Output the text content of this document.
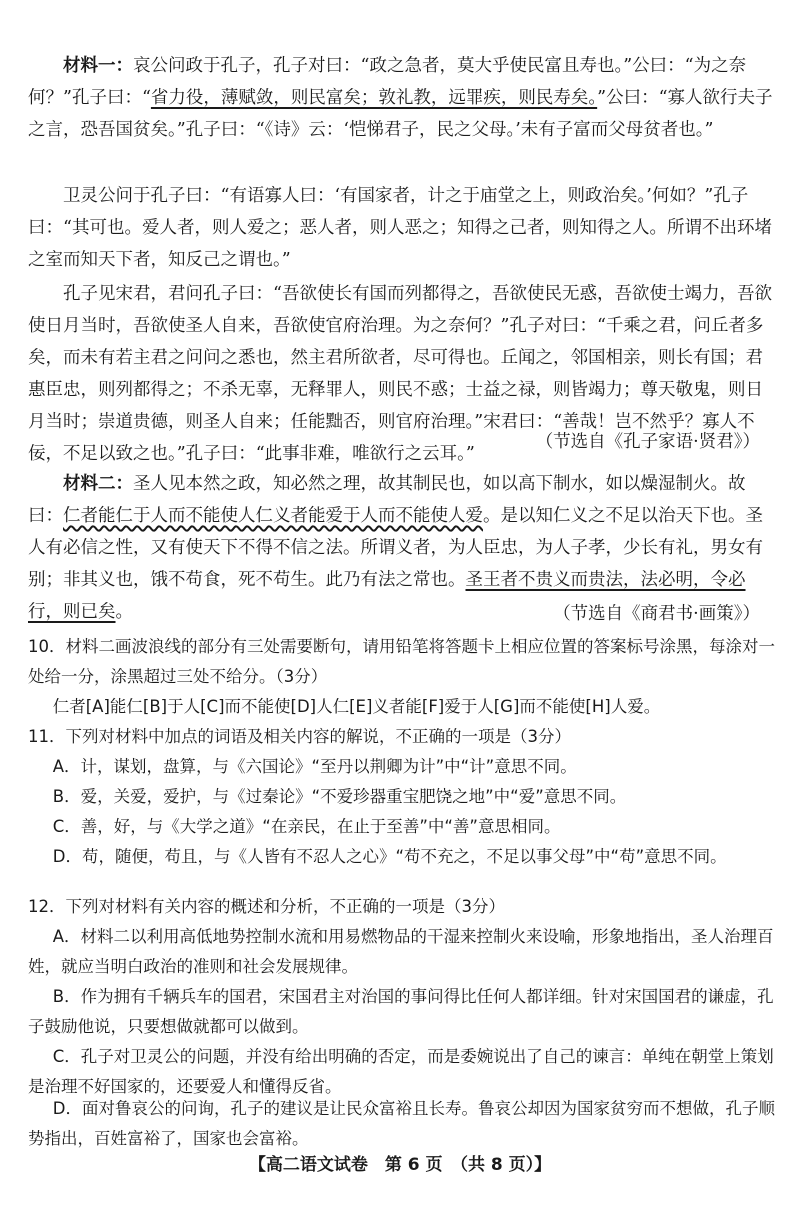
材料一：哀公问政于孔子，孔子对曰：“政之急者，莫大乎使民富且寿也。”公曰：“为之奈何？”孔子曰：“省力役，薄赋敛，则民富矣；敦礼教，远罪疾，则民寿矣。”公曰：“寡人欲行夫子之言，恐吾国贫矣。”孔子曰：“《诗》云：‘恺悌君子，民之父母。’未有子富而父母贫者也。”

卫灵公问于孔子曰：“有语寡人曰：‘有国家者，计之于庙堂之上，则政治矣。’何如？”孔子曰：“其可也。爱人者，则人爱之；恶人者，则人恶之；知得之己者，则知得之人。所谓不出环堵之室而知天下者，知反己之谓也。”

孔子见宋君，君问孔子曰：“吾欲使长有国而列都得之，吾欲使民无惑，吾欲使士竭力，吾欲使日月当时，吾欲使圣人自来，吾欲使官府治理。为之奈何？”孔子对曰：“千乘之君，问丘者多矣，而未有若主君之问问之悉也，然主君所欲者，尽可得也。丘闻之，邻国相亲，则长有国；君惠臣忠，则列都得之；不杀无辜，无释罪人，则民不惑；士益之禄，则皆竭力；尊天敬鬼，则日月当时；崇道贵德，则圣人自来；任能黜否，则官府治理。”宋君曰：“善哉！岂不然乎？寡人不佞，不足以致之也。”孔子曰：“此事非难，唯欲行之云耳。”

（节选自《孔子家语·贤君》）

材料二：圣人见本然之政，知必然之理，故其制民也，如以高下制水，如以燥湿制火。故曰：仁者能仁于人而不能使人仁义者能爱于人而不能使人爱。是以知仁义之不足以治天下也。圣人有必信之性，又有使天下不得不信之法。所谓义者，为人臣忠，为人子孝，少长有礼，男女有别；非其义也，饿不苟食，死不苟生。此乃有法之常也。圣王者不贵义而贵法，法必明，令必行，则已矣。	（节选自《商君书·画策》）

10．材料二画波浪线的部分有三处需要断句，请用铅笔将答题卡上相应位置的答案标号涂黑，每涂对一处给一分，涂黑超过三处不给分。（3分）

仁者[A]能仁[B]于人[C]而不能使[D]人仁[E]义者能[F]爱于人[G]而不能使[H]人爱。

11．下列对材料中加点的词语及相关内容的解说，不正确的一项是（3分）

A．计，谋划，盘算，与《六国论》“至丹以荆卿为计”中“计”意思不同。

B．爱，关爱，爱护，与《过秦论》“不爱珍器重宝肥饶之地”中“爱”意思不同。

C．善，好，与《大学之道》“在亲民，在止于至善”中“善”意思相同。

D．苟，随便，苟且，与《人皆有不忍人之心》“苟不充之，不足以事父母”中“苟”意思不同。

12．下列对材料有关内容的概述和分析，不正确的一项是（3分）

A．材料二以利用高低地势控制水流和用易燃物品的干湿来控制火来设喻，形象地指出，圣人治理百姓，就应当明白政治的准则和社会发展规律。

B．作为拥有千辆兵车的国君，宋国君主对治国的事问得比任何人都详细。针对宋国国君的谦虚，孔子鼓励他说，只要想做就都可以做到。

C．孔子对卫灵公的问题，并没有给出明确的否定，而是委婉说出了自己的谏言：单纯在朝堂上策划是治理不好国家的，还要爱人和懂得反省。

D．面对鲁哀公的问询，孔子的建议是让民众富裕且长寿。鲁哀公却因为国家贫穷而不想做，孔子顺势指出，百姓富裕了，国家也会富裕。

【高二语文试卷　第 6 页　（共 8 页）】
